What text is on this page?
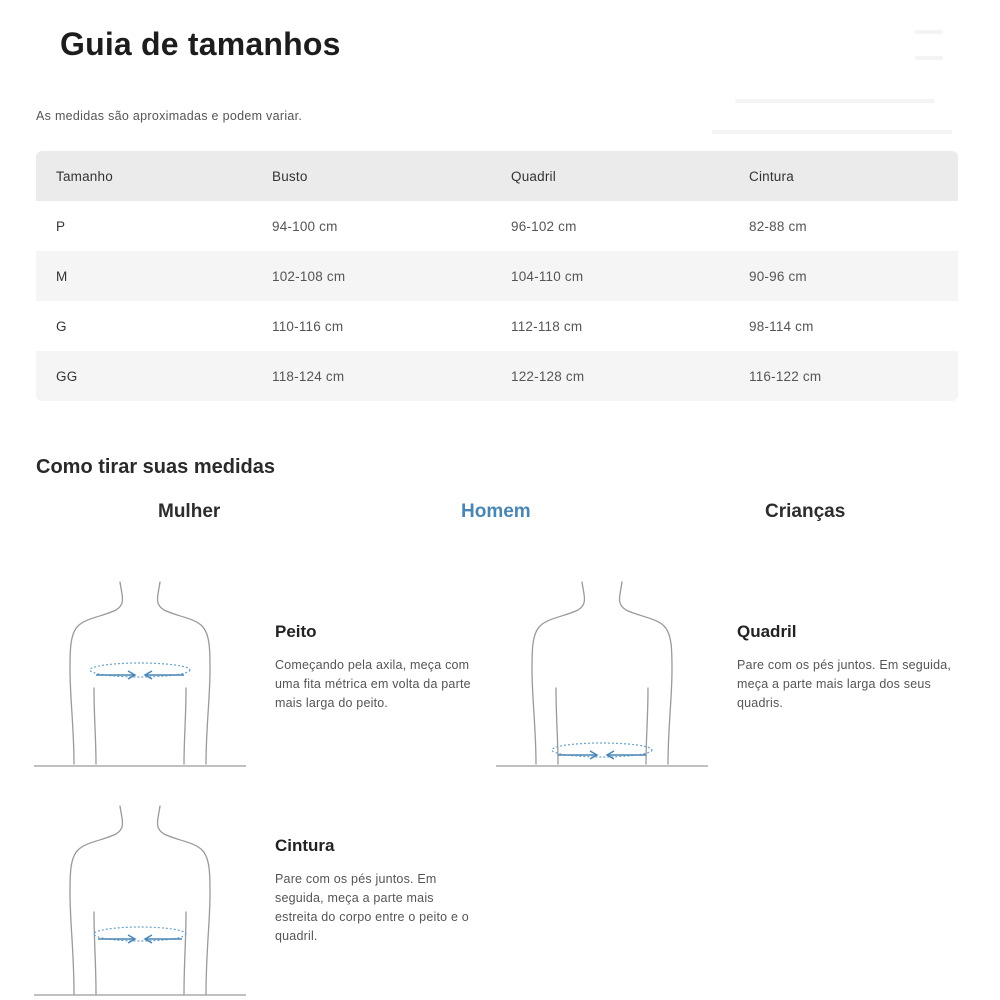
Guia de tamanhos
As medidas são aproximadas e podem variar.
Tamanho	Busto	Quadril	Cintura
P	94-100 cm	96-102 cm	82-88 cm
M	102-108 cm	104-110 cm	90-96 cm
G	110-116 cm	112-118 cm	98-114 cm
GG	118-124 cm	122-128 cm	116-122 cm
Como tirar suas medidas
Mulher	Homem	Crianças
Peito
Começando pela axila, meça com uma fita métrica em volta da parte mais larga do peito.
Quadril
Pare com os pés juntos. Em seguida, meça a parte mais larga dos seus quadris.
Cintura
Pare com os pés juntos. Em seguida, meça a parte mais estreita do corpo entre o peito e o quadril.
